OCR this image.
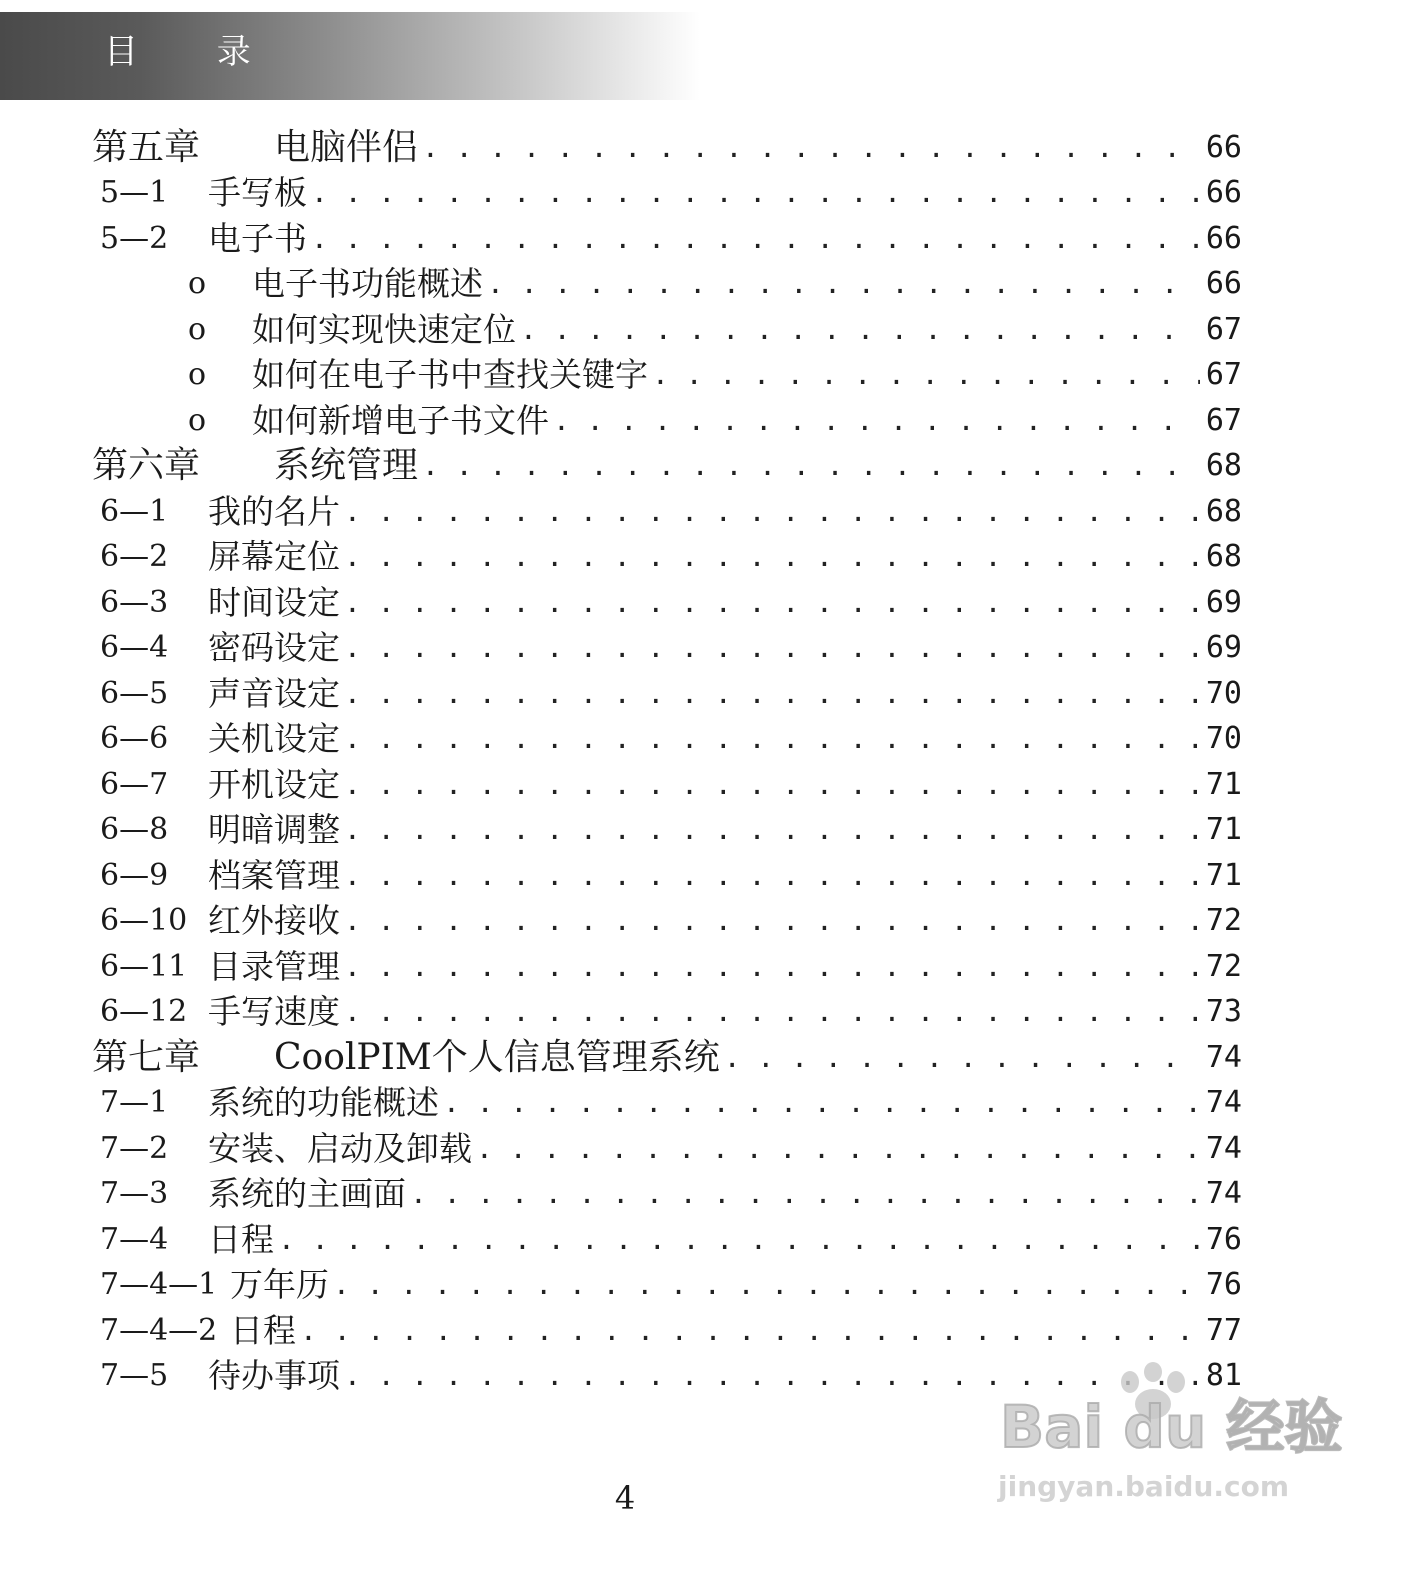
目 录
第五章	电脑伴侣 . . .	66
5—1	手写板 . . .	66
5—2	电子书 . . .	66
o	电子书功能概述 . . .	66
o	如何实现快速定位 . . .	67
o	如何在电子书中查找关键字 . . .	67
o	如何新增电子书文件 . . .	67
第六章	系统管理 . . .	68
6—1	我的名片 . . .	68
6—2	屏幕定位 . . .	68
6—3	时间设定 . . .	69
6—4	密码设定 . . .	69
6—5	声音设定 . . .	70
6—6	关机设定 . . .	70
6—7	开机设定 . . .	71
6—8	明暗调整 . . .	71
6—9	档案管理 . . .	71
6—10 红外接收 . . .	72
6—11 目录管理 . . .	72
6—12 手写速度 . . .	73
第七章	CoolPIM个人信息管理系统 . . .	74
7—1	系统的功能概述 . . .	74
7—2	安装、启动及卸载 . . .	74
7—3	系统的主画面 . . .	74
7—4	日程 . . .	76
7—4—1 万年历 . . .	76
7—4—2 日程 . . .	77
7—5	待办事项 . . .	81
4
Bai du 经验
jingyan.baidu.com
